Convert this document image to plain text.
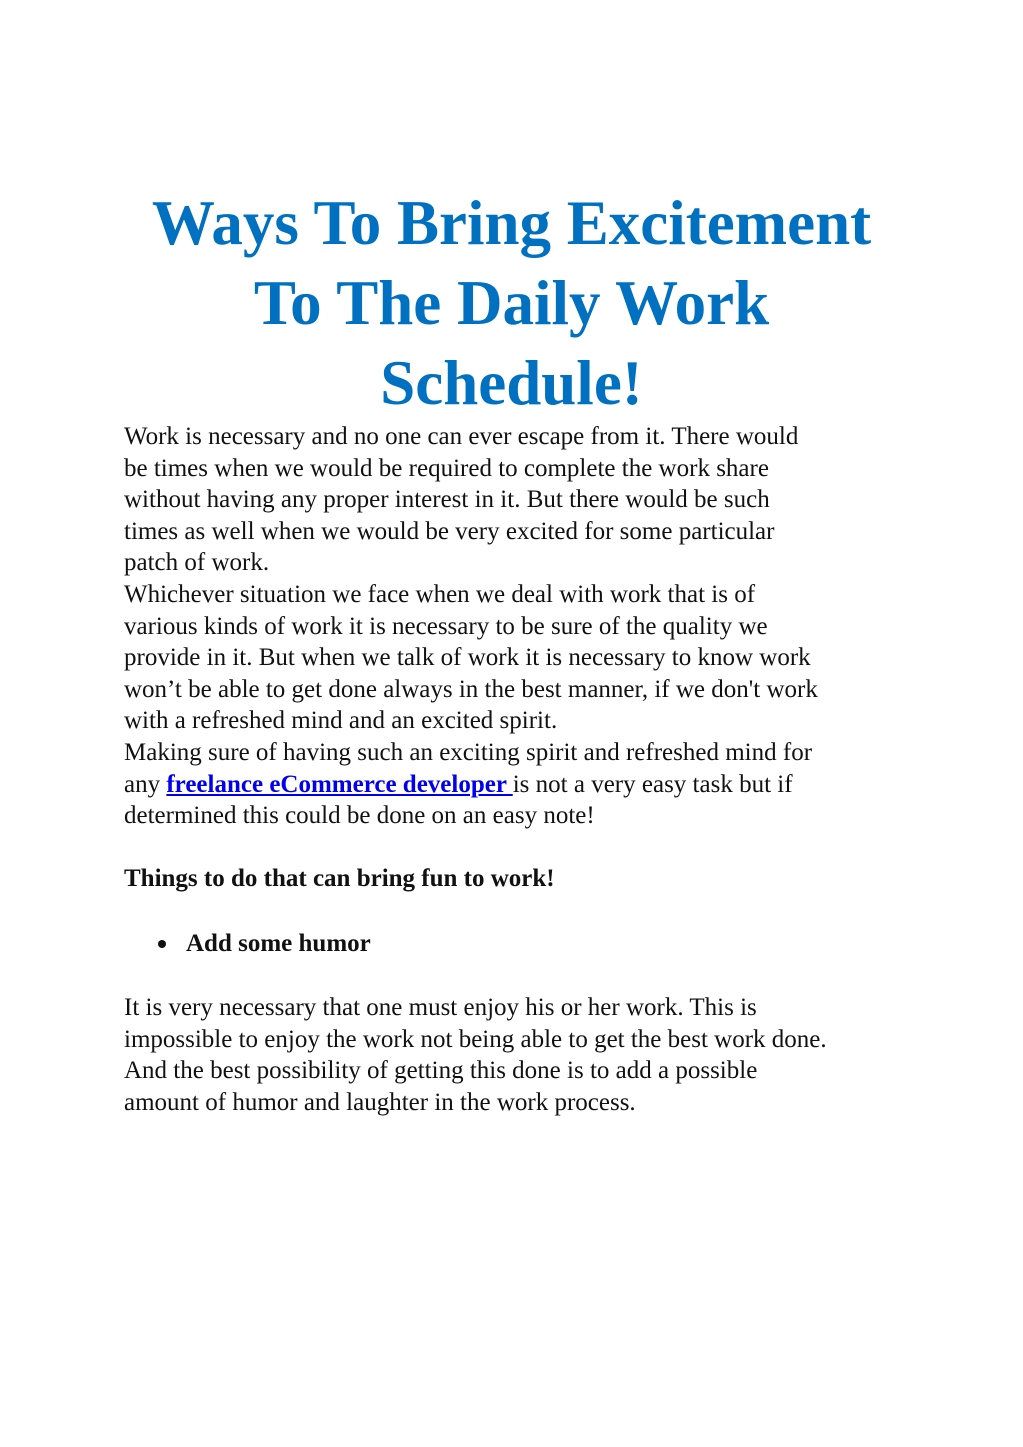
Ways To Bring Excitement
To The Daily Work
Schedule!

Work is necessary and no one can ever escape from it. There would
be times when we would be required to complete the work share
without having any proper interest in it. But there would be such
times as well when we would be very excited for some particular
patch of work.
Whichever situation we face when we deal with work that is of
various kinds of work it is necessary to be sure of the quality we
provide in it. But when we talk of work it is necessary to know work
won’t be able to get done always in the best manner, if we don't work
with a refreshed mind and an excited spirit.
Making sure of having such an exciting spirit and refreshed mind for
any freelance eCommerce developer is not a very easy task but if
determined this could be done on an easy note!

Things to do that can bring fun to work!

Add some humor

It is very necessary that one must enjoy his or her work. This is
impossible to enjoy the work not being able to get the best work done.
And the best possibility of getting this done is to add a possible
amount of humor and laughter in the work process.
